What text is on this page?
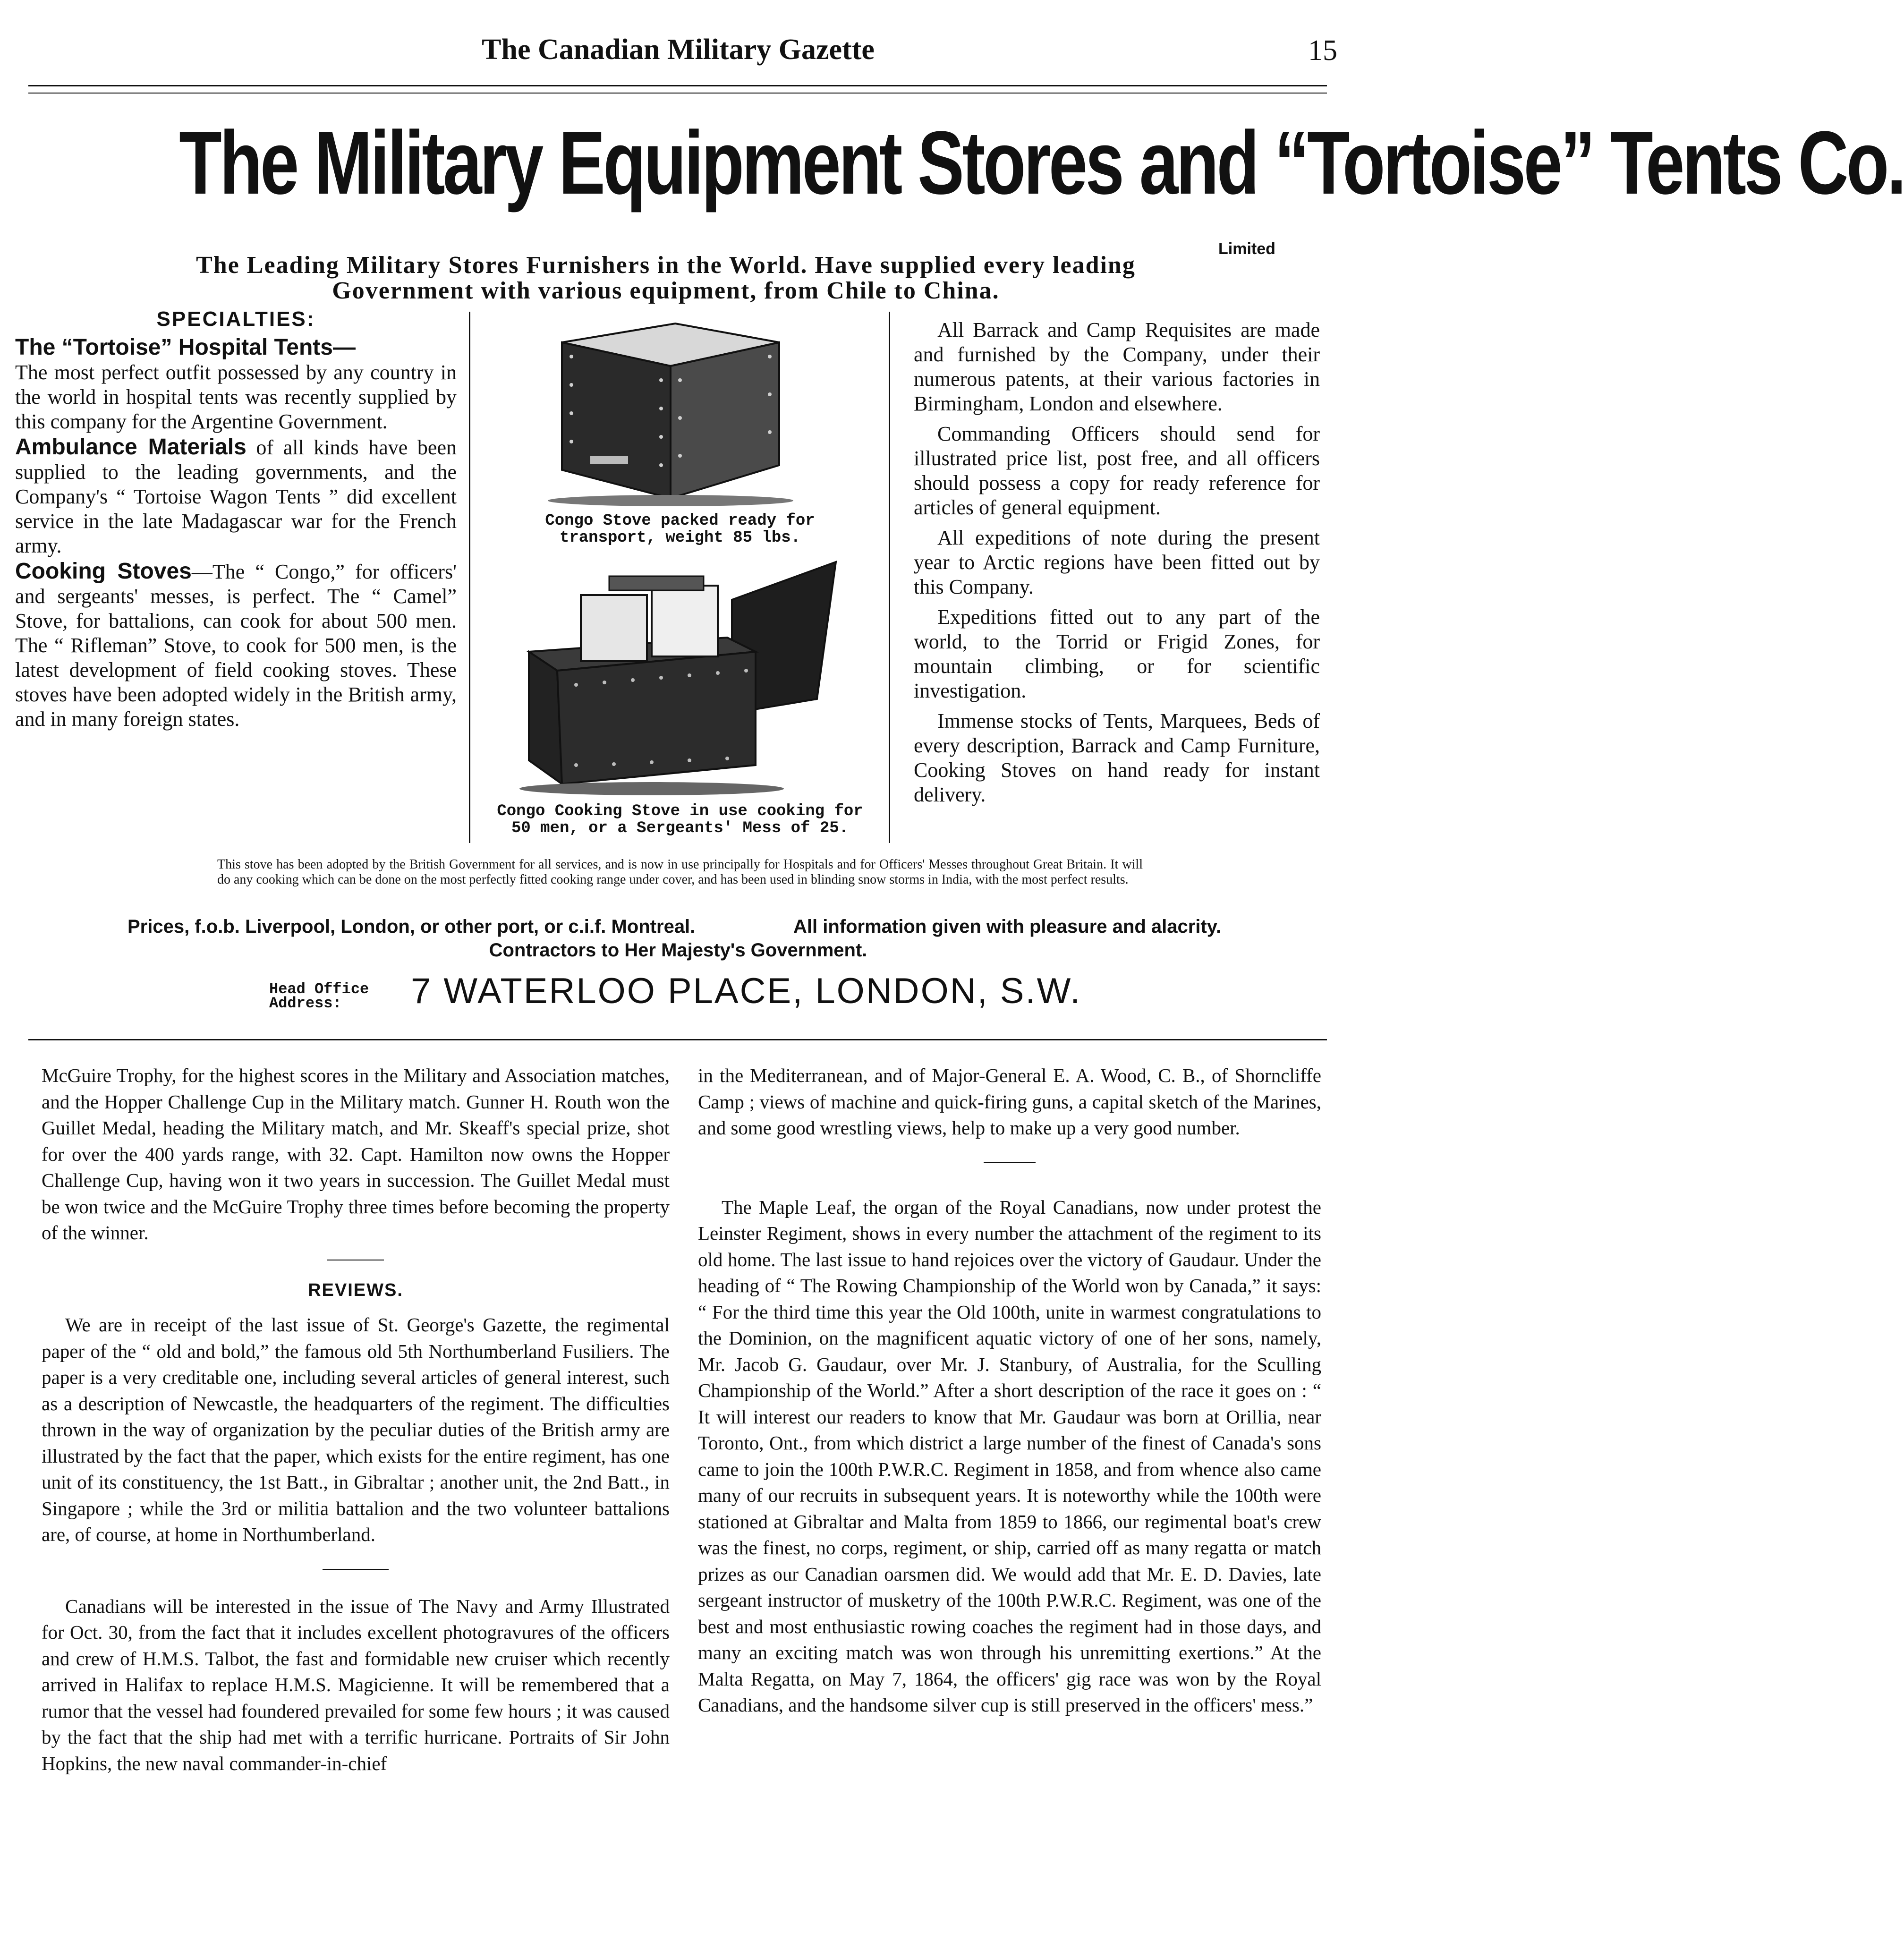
The Canadian Military Gazette	15
The Military Equipment Stores and “Tortoise” Tents Co.
Limited
The Leading Military Stores Furnishers in the World. Have supplied every leading
Government with various equipment, from Chile to China.
SPECIALTIES:
The “Tortoise” Hospital Tents—
The most perfect outfit possessed by any country in the world in hospital tents was recently supplied by this company for the Argentine Government.
Ambulance Materials of all kinds have been supplied to the leading governments, and the Company's “ Tortoise Wagon Tents ” did excellent service in the late Madagascar war for the French army.
Cooking Stoves—The “ Congo,” for officers' and sergeants' messes, is perfect. The “ Camel” Stove, for battalions, can cook for about 500 men. The “ Rifleman” Stove, to cook for 500 men, is the latest development of field cooking stoves. These stoves have been adopted widely in the British army, and in many foreign states.
Congo Stove packed ready for transport, weight 85 lbs.
Congo Cooking Stove in use cooking for 50 men, or a Sergeants' Mess of 25.
All Barrack and Camp Requisites are made and furnished by the Company, under their numerous patents, at their various factories in Birmingham, London and elsewhere.
Commanding Officers should send for illustrated price list, post free, and all officers should possess a copy for ready reference for articles of general equipment.
All expeditions of note during the present year to Arctic regions have been fitted out by this Company.
Expeditions fitted out to any part of the world, to the Torrid or Frigid Zones, for mountain climbing, or for scientific investigation.
Immense stocks of Tents, Marquees, Beds of every description, Barrack and Camp Furniture, Cooking Stoves on hand ready for instant delivery.
This stove has been adopted by the British Government for all services, and is now in use principally for Hospitals and for Officers' Messes throughout Great Britain. It will do any cooking which can be done on the most perfectly fitted cooking range under cover, and has been used in blinding snow storms in India, with the most perfect results.
Prices, f.o.b. Liverpool, London, or other port, or c.i.f. Montreal.	All information given with pleasure and alacrity.
Contractors to Her Majesty's Government.
Head Office
Address:	7 WATERLOO PLACE, LONDON, S.W.

McGuire Trophy, for the highest scores in the Military and Association matches, and the Hopper Challenge Cup in the Military match. Gunner H. Routh won the Guillet Medal, heading the Military match, and Mr. Skeaff's special prize, shot for over the 400 yards range, with 32. Capt. Hamilton now owns the Hopper Challenge Cup, having won it two years in succession. The Guillet Medal must be won twice and the McGuire Trophy three times before becoming the property of the winner.

REVIEWS.

We are in receipt of the last issue of St. George's Gazette, the regimental paper of the “ old and bold,” the famous old 5th Northumberland Fusiliers. The paper is a very creditable one, including several articles of general interest, such as a description of Newcastle, the headquarters of the regiment. The difficulties thrown in the way of organization by the peculiar duties of the British army are illustrated by the fact that the paper, which exists for the entire regiment, has one unit of its constituency, the 1st Batt., in Gibraltar ; another unit, the 2nd Batt., in Singapore ; while the 3rd or militia battalion and the two volunteer battalions are, of course, at home in Northumberland.

Canadians will be interested in the issue of The Navy and Army Illustrated for Oct. 30, from the fact that it includes excellent photogravures of the officers and crew of H.M.S. Talbot, the fast and formidable new cruiser which recently arrived in Halifax to replace H.M.S. Magicienne. It will be remembered that a rumor that the vessel had foundered prevailed for some few hours ; it was caused by the fact that the ship had met with a terrific hurricane. Portraits of Sir John Hopkins, the new naval commander-in-chief

in the Mediterranean, and of Major-General E. A. Wood, C. B., of Shorncliffe Camp ; views of machine and quick-firing guns, a capital sketch of the Marines, and some good wrestling views, help to make up a very good number.

The Maple Leaf, the organ of the Royal Canadians, now under protest the Leinster Regiment, shows in every number the attachment of the regiment to its old home. The last issue to hand rejoices over the victory of Gaudaur. Under the heading of “ The Rowing Championship of the World won by Canada,” it says: “ For the third time this year the Old 100th, unite in warmest congratulations to the Dominion, on the magnificent aquatic victory of one of her sons, namely, Mr. Jacob G. Gaudaur, over Mr. J. Stanbury, of Australia, for the Sculling Championship of the World.” After a short description of the race it goes on : “ It will interest our readers to know that Mr. Gaudaur was born at Orillia, near Toronto, Ont., from which district a large number of the finest of Canada's sons came to join the 100th P.W.R.C. Regiment in 1858, and from whence also came many of our recruits in subsequent years. It is noteworthy while the 100th were stationed at Gibraltar and Malta from 1859 to 1866, our regimental boat's crew was the finest, no corps, regiment, or ship, carried off as many regatta or match prizes as our Canadian oarsmen did. We would add that Mr. E. D. Davies, late sergeant instructor of musketry of the 100th P.W.R.C. Regiment, was one of the best and most enthusiastic rowing coaches the regiment had in those days, and many an exciting match was won through his unremitting exertions.” At the Malta Regatta, on May 7, 1864, the officers' gig race was won by the Royal Canadians, and the handsome silver cup is still preserved in the officers' mess.”
